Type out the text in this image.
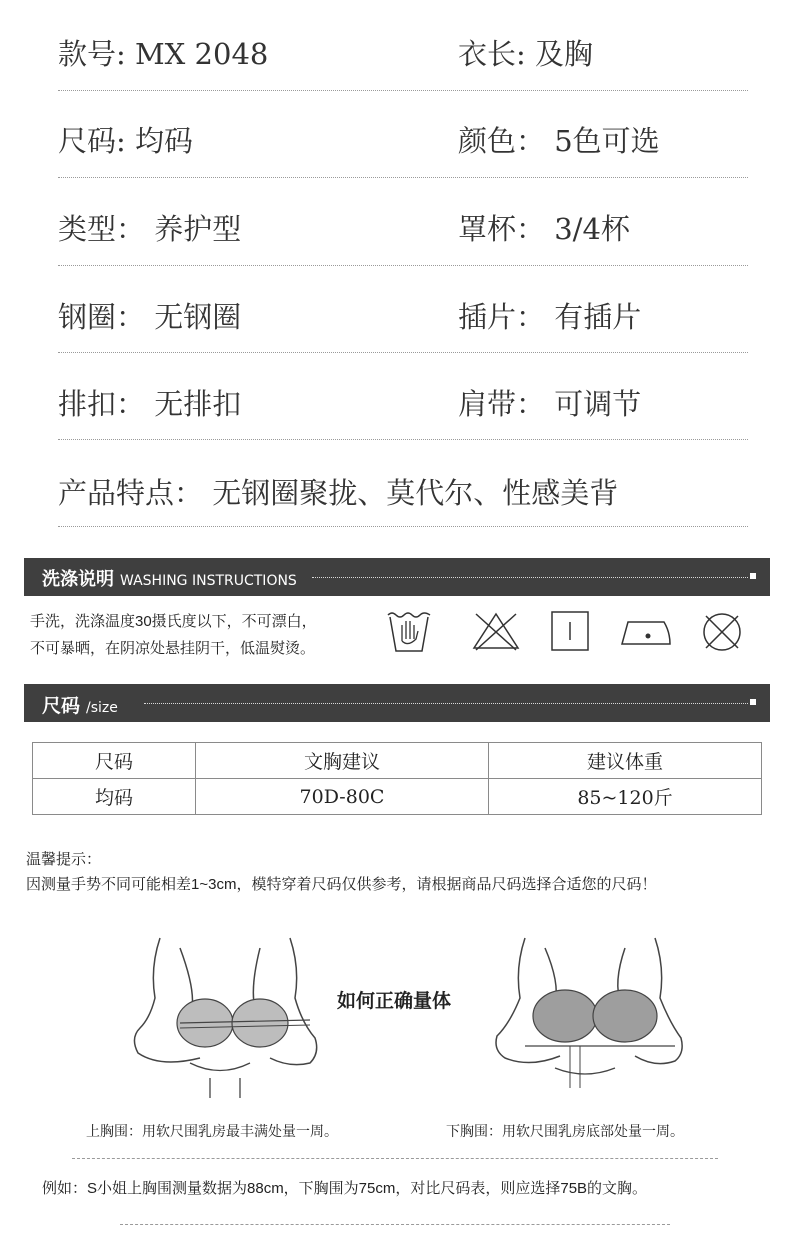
款号: MX 2048	衣长: 及胸
尺码: 均码	颜色： 5色可选
类型： 养护型	罩杯： 3/4杯
钢圈： 无钢圈	插片： 有插片
排扣： 无排扣	肩带： 可调节
产品特点： 无钢圈聚拢、莫代尔、性感美背
洗涤说明 WASHING INSTRUCTIONS
手洗，洗涤温度30摄氏度以下，不可漂白，
不可暴晒，在阴凉处悬挂阴干，低温熨烫。
尺码 /size
尺码	文胸建议	建议体重
均码	70D-80C	85~120斤
温馨提示：
因测量手势不同可能相差1~3cm，模特穿着尺码仅供参考，请根据商品尺码选择合适您的尺码！
如何正确量体
上胸围：用软尺围乳房最丰满处量一周。	下胸围：用软尺围乳房底部处量一周。
例如：S小姐上胸围测量数据为88cm，下胸围为75cm，对比尺码表，则应选择75B的文胸。
